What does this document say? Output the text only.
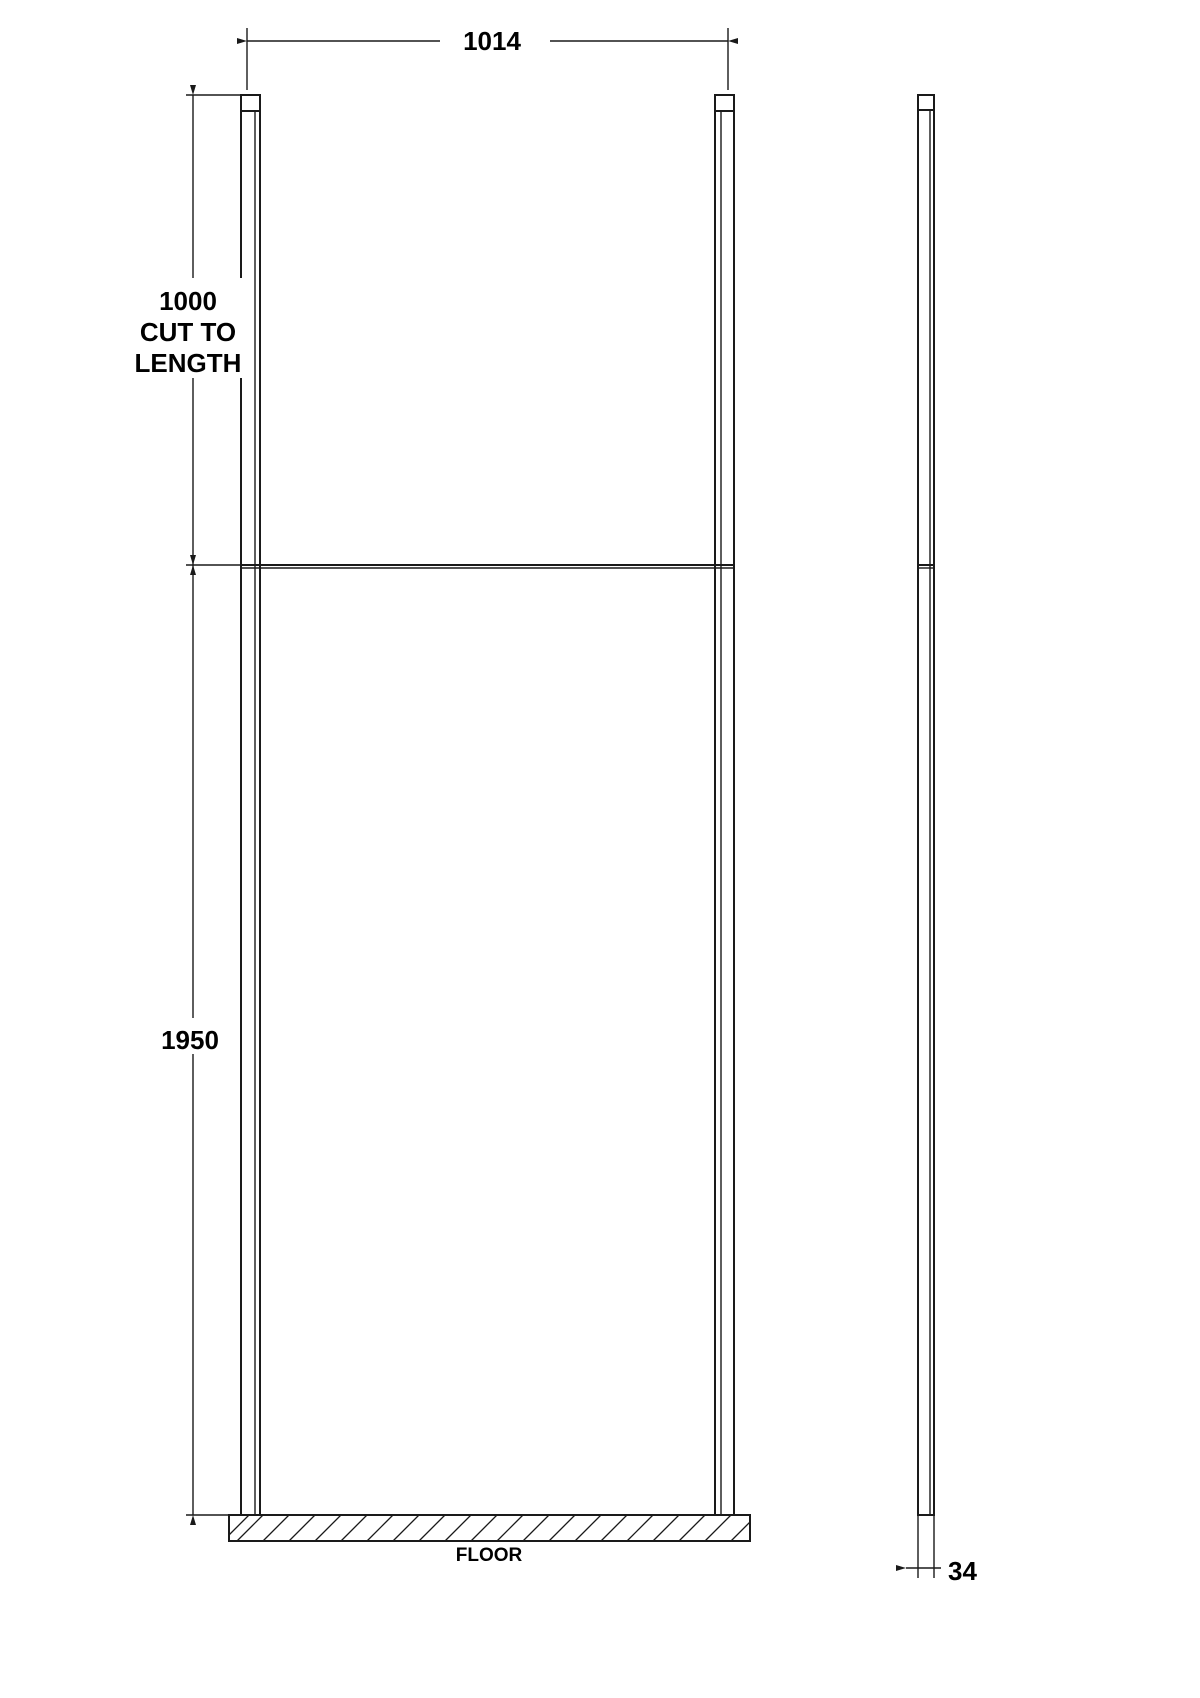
FLOOR
1014
1000
CUT TO
LENGTH
1950
34
